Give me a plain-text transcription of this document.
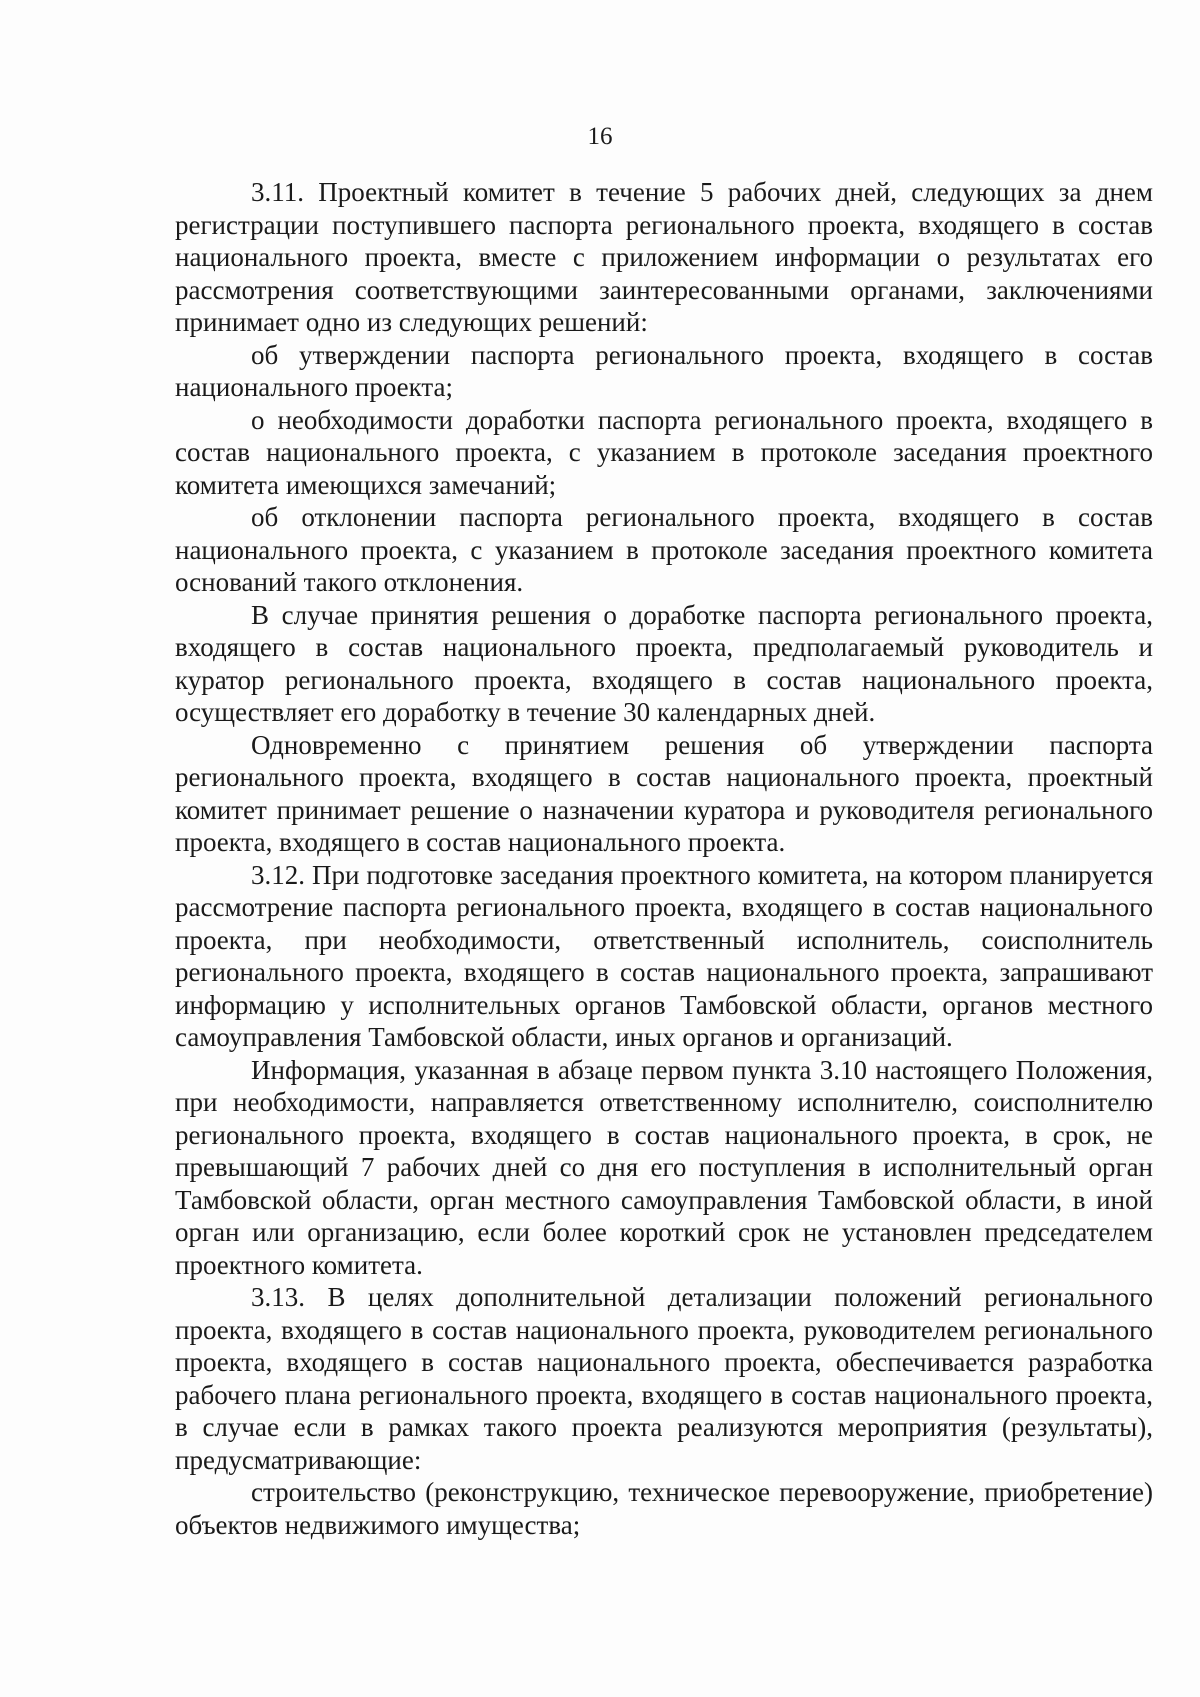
16

3.11. Проектный комитет в течение 5 рабочих дней, следующих за днем регистрации поступившего паспорта регионального проекта, входящего в состав национального проекта, вместе с приложением информации о результатах его рассмотрения соответствующими заинтересованными органами, заключениями принимает одно из следующих решений:

об утверждении паспорта регионального проекта, входящего в состав национального проекта;

о необходимости доработки паспорта регионального проекта, входящего в состав национального проекта, с указанием в протоколе заседания проектного комитета имеющихся замечаний;

об отклонении паспорта регионального проекта, входящего в состав национального проекта, с указанием в протоколе заседания проектного комитета оснований такого отклонения.

В случае принятия решения о доработке паспорта регионального проекта, входящего в состав национального проекта, предполагаемый руководитель и куратор регионального проекта, входящего в состав национального проекта, осуществляет его доработку в течение 30 календарных дней.

Одновременно с принятием решения об утверждении паспорта регионального проекта, входящего в состав национального проекта, проектный комитет принимает решение о назначении куратора и руководителя регионального проекта, входящего в состав национального проекта.

3.12. При подготовке заседания проектного комитета, на котором планируется рассмотрение паспорта регионального проекта, входящего в состав национального проекта, при необходимости, ответственный исполнитель, соисполнитель регионального проекта, входящего в состав национального проекта, запрашивают информацию у исполнительных органов Тамбовской области, органов местного самоуправления Тамбовской области, иных органов и организаций.

Информация, указанная в абзаце первом пункта 3.10 настоящего Положения, при необходимости, направляется ответственному исполнителю, соисполнителю регионального проекта, входящего в состав национального проекта, в срок, не превышающий 7 рабочих дней со дня его поступления в исполнительный орган Тамбовской области, орган местного самоуправления Тамбовской области, в иной орган или организацию, если более короткий срок не установлен председателем проектного комитета.

3.13. В целях дополнительной детализации положений регионального проекта, входящего в состав национального проекта, руководителем регионального проекта, входящего в состав национального проекта, обеспечивается разработка рабочего плана регионального проекта, входящего в состав национального проекта, в случае если в рамках такого проекта реализуются мероприятия (результаты), предусматривающие:

строительство (реконструкцию, техническое перевооружение, приобретение) объектов недвижимого имущества;
